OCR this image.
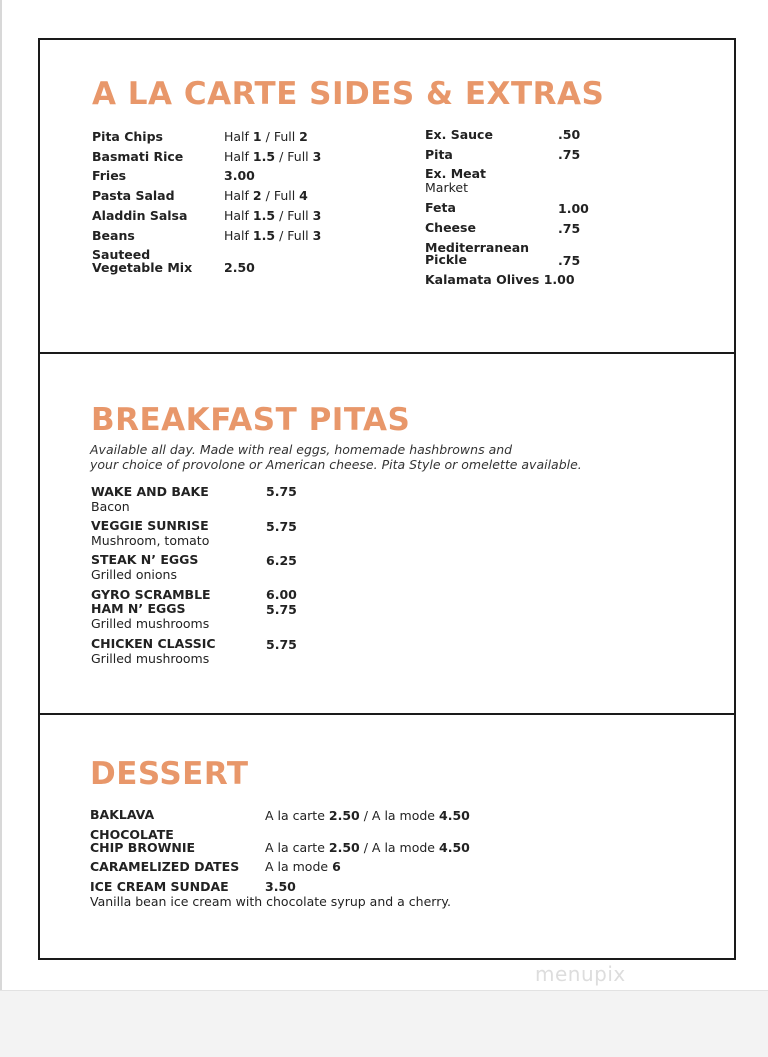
A LA CARTE SIDES & EXTRAS
Pita Chips	Half 1 / Full 2
Basmati Rice	Half 1.5 / Full 3
Fries	3.00
Pasta Salad	Half 2 / Full 4
Aladdin Salsa	Half 1.5 / Full 3
Beans	Half 1.5 / Full 3
Sauteed
Vegetable Mix	2.50
Ex. Sauce	.50
Pita	.75
Ex. Meat
Market
Feta	1.00
Cheese	.75
Mediterranean
Pickle	.75
Kalamata Olives 1.00
BREAKFAST PITAS
Available all day. Made with real eggs, homemade hashbrowns and
your choice of provolone or American cheese. Pita Style or omelette available.
WAKE AND BAKE
Bacon
5.75
VEGGIE SUNRISE
Mushroom, tomato
5.75
STEAK N’ EGGS
Grilled onions
6.25
GYRO SCRAMBLE	6.00
HAM N’ EGGS
Grilled mushrooms
5.75
CHICKEN CLASSIC
Grilled mushrooms
5.75
DESSERT
BAKLAVA	A la carte 2.50 / A la mode 4.50
CHOCOLATE
CHIP BROWNIE	A la carte 2.50 / A la mode 4.50
CARAMELIZED DATES A la mode 6
ICE CREAM SUNDAE	3.50
Vanilla bean ice cream with chocolate syrup and a cherry.
menupix
